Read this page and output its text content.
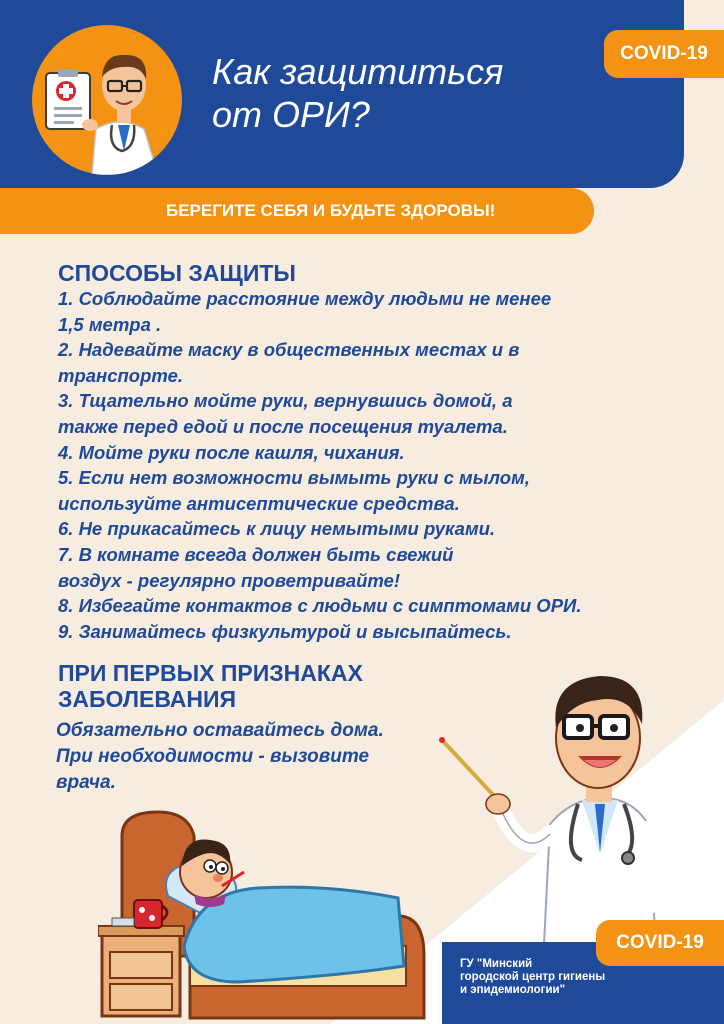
Как защититься
от ОРИ?
COVID-19
БЕРЕГИТЕ СЕБЯ И БУДЬТЕ ЗДОРОВЫ!
СПОСОБЫ ЗАЩИТЫ
1. Соблюдайте расстояние между людьми не менее
1,5 метра .
2. Надевайте маску в общественных местах и в
транспорте.
3. Тщательно мойте руки, вернувшись домой, а
также перед едой и после посещения туалета.
4. Мойте руки после кашля, чихания.
5. Если нет возможности вымыть руки с мылом,
используйте антисептические средства.
6. Не прикасайтесь к лицу немытыми руками.
7. В комнате всегда должен быть свежий
воздух - регулярно проветривайте!
8. Избегайте контактов с людьми с симптомами ОРИ.
9. Занимайтесь физкультурой и высыпайтесь.
ПРИ ПЕРВЫХ ПРИЗНАКАХ
ЗАБОЛЕВАНИЯ
Обязательно оставайтесь дома.
При необходимости - вызовите
врача.
COVID-19
ГУ "Минский
городской центр гигиены
и эпидемиологии"
